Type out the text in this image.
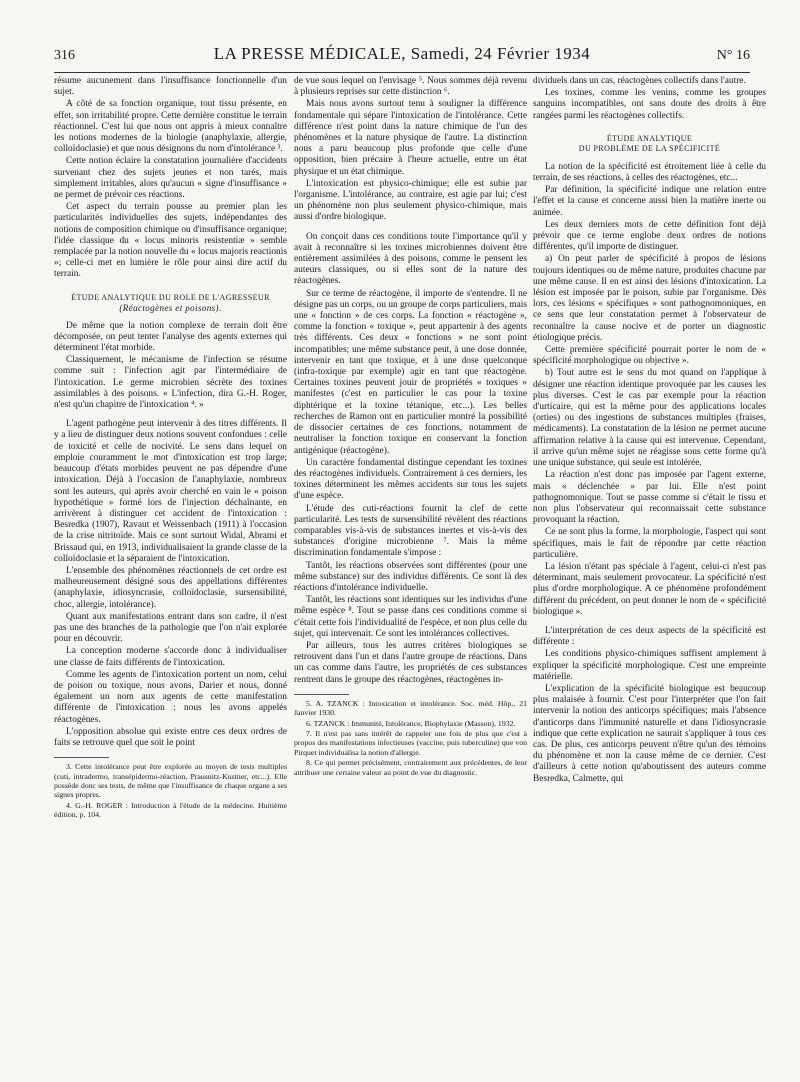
316	LA PRESSE MÉDICALE, Samedi, 24 Février 1934	N° 16

résume aucunement dans l'insuffisance fonctionnelle d'un sujet.

A côté de sa fonction organique, tout tissu présente, en effet, son irritabilité propre. Cette dernière constitue le terrain réactionnel. C'est lui que nous ont appris à mieux connaître les notions modernes de la biologie (anaphylaxie, allergie, colloïdoclasie) et que nous désignons du nom d'intolérance ³.

Cette notion éclaire la constatation journalière d'accidents survenant chez des sujets jeunes et non tarés, mais simplement irritables, alors qu'aucun « signe d'insuffisance » ne permet de prévoir ces réactions.

Cet aspect du terrain pousse au premier plan les particularités individuelles des sujets, indépendantes des notions de composition chimique ou d'insuffisance organique; l'idée classique du « locus minoris resistentiæ » semble remplacée par la notion nouvelle du « locus majoris reactionis »; celle-ci met en lumière le rôle pour ainsi dire actif du terrain.

ÉTUDE ANALYTIQUE DU ROLE DE L'AGRESSEUR
(Réactogènes et poisons).

De même que la notion complexe de terrain doit être décomposée, on peut tenter l'analyse des agents externes qui déterminent l'état morbide.

Classiquement, le mécanisme de l'infection se résume comme suit : l'infection agit par l'intermédiaire de l'intoxication. Le germe microbien sécrète des toxines assimilables à des poisons. « L'infection, dira G.-H. Roger, n'est qu'un chapitre de l'intoxication ⁴. »

L'agent pathogène peut intervenir à des titres différents. Il y a lieu de distinguer deux notions souvent confondues : celle de toxicité et celle de nocivité. Le sens dans lequel on emploie couramment le mot d'intoxication est trop large; beaucoup d'états morbides peuvent ne pas dépendre d'une intoxication. Déjà à l'occasion de l'anaphylaxie, nombreux sont les auteurs, qui après avoir cherché en vain le « poison hypothétique » formé lors de l'injection déchaînante, en arrivèrent à distinguer cet accident de l'intoxication : Besredka (1907), Ravaut et Weissenbach (1911) à l'occasion de la crise nitritoïde. Mais ce sont surtout Widal, Abrami et Brissaud qui, en 1913, individualisaient la grande classe de la colloïdoclasie et la séparaient de l'intoxication.

L'ensemble des phénomènes réactionnels de cet ordre est malheureusement désigné sous des appellations différentes (anaphylaxie, idiosyncrasie, colloïdoclasie, sursensibilité, choc, allergie, intolérance).

Quant aux manifestations entrant dans son cadre, il n'est pas une des branches de la pathologie que l'on n'ait explorée pour en découvrir.

La conception moderne s'accorde donc à individualiser une classe de faits différents de l'intoxication.

Comme les agents de l'intoxication portent un nom, celui de poison ou toxique, nous avons, Darier et nous, donné également un nom aux agents de cette manifestation différente de l'intoxication : nous les avons appelés réactogènes.

L'opposition absolue qui existe entre ces deux ordres de faits se retrouve quel que soit le point

3. Cette intolérance peut être explorée au moyen de tests multiples (cuti, intradermo, transépidermo-réaction, Prausnitz-Kustner, etc...). Elle possède donc ses tests, de même que l'insuffisance de chaque organe a ses signes propres.

4. G.-H. ROGER : Introduction à l'étude de la médecine. Huitième édition, p. 104.

de vue sous lequel on l'envisage ⁵. Nous sommes déjà revenu à plusieurs reprises sur cette distinction ⁶.

Mais nous avons surtout tenu à souligner la différence fondamentale qui sépare l'intoxication de l'intolérance. Cette différence n'est point dans la nature chimique de l'un des phénomènes et la nature physique de l'autre. La distinction nous a paru beaucoup plus profonde que celle d'une opposition, bien précaire à l'heure actuelle, entre un état physique et un état chimique.

L'intoxication est physico-chimique; elle est subie par l'organisme. L'intolérance, au contraire, est agie par lui; c'est un phénomène non plus seulement physico-chimique, mais aussi d'ordre biologique.

On conçoit dans ces conditions toute l'importance qu'il y avait à reconnaître si les toxines microbiennes doivent être entièrement assimilées à des poisons, comme le pensent les auteurs classiques, ou si elles sont de la nature des réactogènes.

Sur ce terme de réactogène, il importe de s'entendre. Il ne désigne pas un corps, ou un groupe de corps particuliers, mais une « fonction » de ces corps. La fonction « réactogène », comme la fonction « toxique », peut appartenir à des agents très différents. Ces deux « fonctions » ne sont point incompatibles; une même substance peut, à une dose donnée, intervenir en tant que toxique, et à une dose quelconque (infra-toxique par exemple) agir en tant que réactogène. Certaines toxines peuvent jouir de propriétés « toxiques » manifestes (c'est en particulier le cas pour la toxine diphtérique et la toxine tétanique, etc...). Les belles recherches de Ramon ont en particulier montré la possibilité de dissocier certaines de ces fonctions, notamment de neutraliser la fonction toxique en conservant la fonction antigénique (réactogène).

Un caractère fondamental distingue cependant les toxines des réactogènes individuels. Contrairement à ces derniers, les toxines déterminent les mêmes accidents sur tous les sujets d'une espèce.

L'étude des cuti-réactions fournit la clef de cette particularité. Les tests de sursensibilité révèlent des réactions comparables vis-à-vis de substances inertes et vis-à-vis des substances d'origine microbienne ⁷. Mais la même discrimination fondamentale s'impose :

Tantôt, les réactions observées sont différentes (pour une même substance) sur des individus différents. Ce sont là des réactions d'intolérance individuelle.

Tantôt, les réactions sont identiques sur les individus d'une même espèce ⁸. Tout se passe dans ces conditions comme si c'était cette fois l'individualité de l'espèce, et non plus celle du sujet, qui intervenait. Ce sont les intolérances collectives.

Par ailleurs, tous les autres critères biologiques se retrouvent dans l'un et dans l'autre groupe de réactions. Dans un cas comme dans l'autre, les propriétés de ces substances rentrent dans le groupe des réactogènes, réactogènes in-

5. A. TZANCK : Intoxication et intolérance. Soc. méd. Hôp., 21 Janvier 1930.

6. TZANCK : Immunité, Intolérance, Biophylaxie (Masson), 1932.

7. Il n'est pas sans intérêt de rappeler une fois de plus que c'est à propos des manifestations infectieuses (vaccine, puis tuberculine) que von Pirquet individualisa la notion d'allergie.

8. Ce qui permet précisément, contrairement aux précédentes, de leur attribuer une certaine valeur au point de vue du diagnostic.

dividuels dans un cas, réactogènes collectifs dans l'autre.

Les toxines, comme les venins, comme les groupes sanguins incompatibles, ont sans doute des droits à être rangées parmi les réactogènes collectifs.

ÉTUDE ANALYTIQUE
DU PROBLÈME DE LA SPÉCIFICITÉ

La notion de la spécificité est étroitement liée à celle du terrain, de ses réactions, à celles des réactogènes, etc...

Par définition, la spécificité indique une relation entre l'effet et la cause et concerne aussi bien la matière inerte ou animée.

Les deux derniers mots de cette définition font déjà prévoir que ce terme englobe deux ordres de notions différentes, qu'il importe de distinguer.

a) On peut parler de spécificité à propos de lésions toujours identiques ou de même nature, produites chacune par une même cause. Il en est ainsi des lésions d'intoxication. La lésion est imposée par le poison, subie par l'organisme. Dès lors, ces lésions « spécifiques » sont pathognomoniques, en ce sens que leur constatation permet à l'observateur de reconnaître la cause nocive et de porter un diagnostic étiologique précis.

Cette première spécificité pourrait porter le nom de « spécificité morphologique ou objective ».

b) Tout autre est le sens du mot quand on l'applique à désigner une réaction identique provoquée par les causes les plus diverses. C'est le cas par exemple pour la réaction d'urticaire, qui est la même pour des applications locales (orties) ou des ingestions de substances multiples (fraises, médicaments). La constatation de la lésion ne permet aucune affirmation relative à la cause qui est intervenue. Cependant, il arrive qu'un même sujet ne réagisse sous cette forme qu'à une unique substance, qui seule est intolérée.

La réaction n'est donc pas imposée par l'agent externe, mais « déclenchée » par lui. Elle n'est point pathognomonique. Tout se passe comme si c'était le tissu et non plus l'observateur qui reconnaissait cette substance provoquant la réaction.

Ce ne sont plus la forme, la morphologie, l'aspect qui sont spécifiques, mais le fait de répondre par cette réaction particulière.

La lésion n'étant pas spéciale à l'agent, celui-ci n'est pas déterminant, mais seulement provocateur. La spécificité n'est plus d'ordre morphologique. A ce phénomène profondément différent du précédent, on peut donner le nom de « spécificité biologique ».

L'interprétation de ces deux aspects de la spécificité est différente :

Les conditions physico-chimiques suffisent amplement à expliquer la spécificité morphologique. C'est une empreinte matérielle.

L'explication de la spécificité biologique est beaucoup plus malaisée à fournir. C'est pour l'interpréter que l'on fait intervenir la notion des anticorps spécifiques; mais l'absence d'anticorps dans l'immunité naturelle et dans l'idiosyncrasie indique que cette explication ne saurait s'appliquer à tous ces cas. De plus, ces anticorps peuvent n'être qu'un des témoins du phénomène et non la cause même de ce dernier. C'est d'ailleurs à cette notion qu'aboutissent des auteurs comme Besredka, Calmette, qui
